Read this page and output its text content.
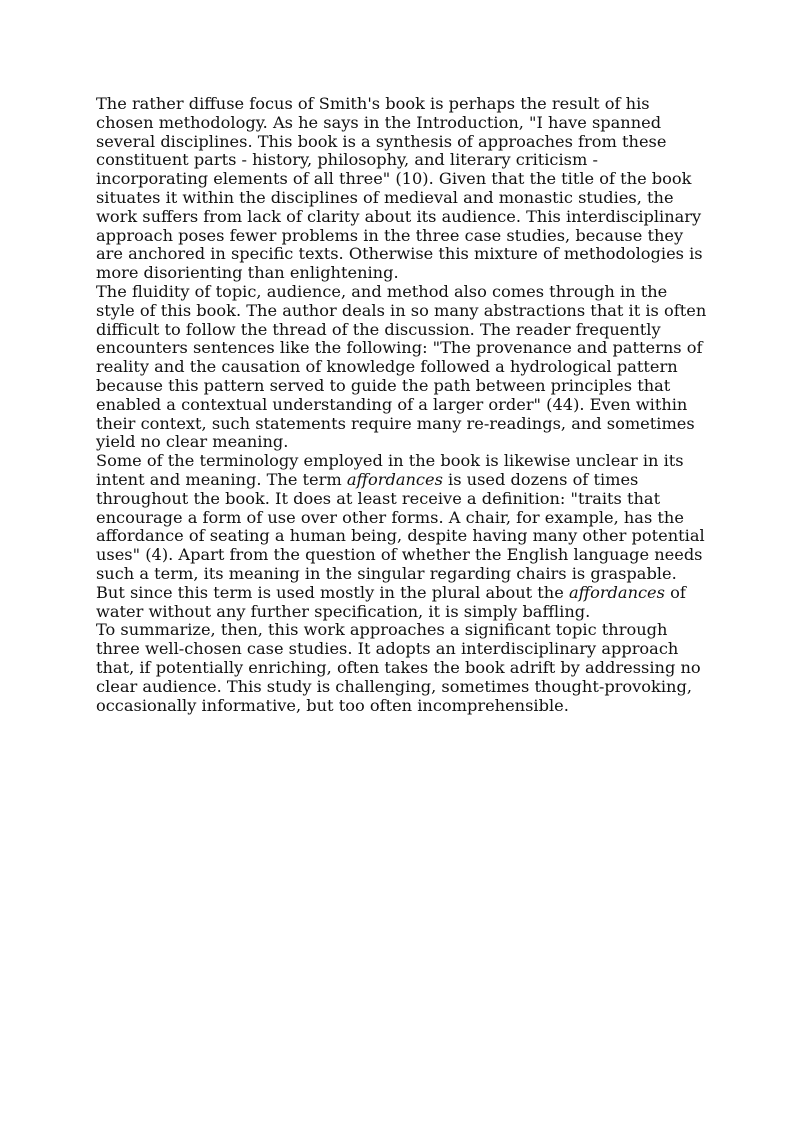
The rather diffuse focus of Smith's book is perhaps the result of his chosen methodology. As he says in the Introduction, "I have spanned several disciplines. This book is a synthesis of approaches from these constituent parts - history, philosophy, and literary criticism - incorporating elements of all three" (10). Given that the title of the book situates it within the disciplines of medieval and monastic studies, the work suffers from lack of clarity about its audience. This interdisciplinary approach poses fewer problems in the three case studies, because they are anchored in specific texts. Otherwise this mixture of methodologies is more disorienting than enlightening.

The fluidity of topic, audience, and method also comes through in the style of this book. The author deals in so many abstractions that it is often difficult to follow the thread of the discussion. The reader frequently encounters sentences like the following: "The provenance and patterns of reality and the causation of knowledge followed a hydrological pattern because this pattern served to guide the path between principles that enabled a contextual understanding of a larger order" (44). Even within their context, such statements require many re-readings, and sometimes yield no clear meaning.

Some of the terminology employed in the book is likewise unclear in its intent and meaning. The term affordances is used dozens of times throughout the book. It does at least receive a definition: "traits that encourage a form of use over other forms. A chair, for example, has the affordance of seating a human being, despite having many other potential uses" (4). Apart from the question of whether the English language needs such a term, its meaning in the singular regarding chairs is graspable. But since this term is used mostly in the plural about the affordances of water without any further specification, it is simply baffling.

To summarize, then, this work approaches a significant topic through three well-chosen case studies. It adopts an interdisciplinary approach that, if potentially enriching, often takes the book adrift by addressing no clear audience. This study is challenging, sometimes thought-provoking, occasionally informative, but too often incomprehensible.
